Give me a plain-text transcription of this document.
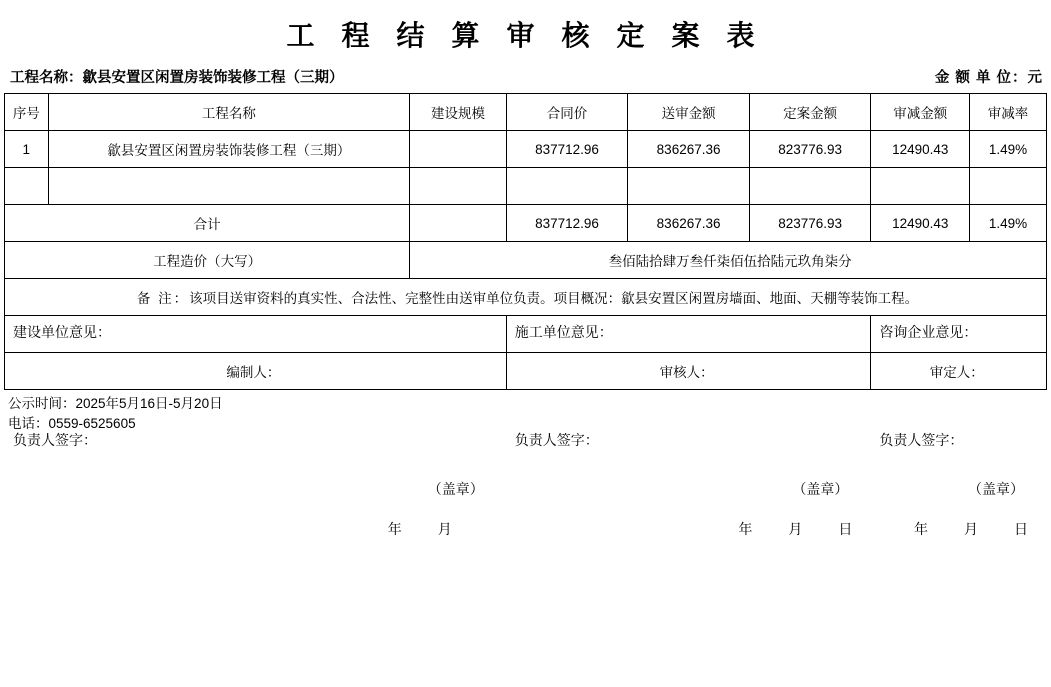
工 程 结 算 审 核 定 案 表
工程名称：歙县安置区闲置房装饰装修工程（三期）	金 额 单 位：元
序号	工程名称	建设规模	合同价	送审金额	定案金额	审减金额	审减率
1	歙县安置区闲置房装饰装修工程（三期）		837712.96	836267.36	823776.93	12490.43	1.49%

合计			837712.96	836267.36	823776.93	12490.43	1.49%
工程造价（大写）		叁佰陆拾肆万叁仟柒佰伍拾陆元玖角柒分					
备 注：该项目送审资料的真实性、合法性、完整性由送审单位负责。项目概况：歙县安置区闲置房墙面、地面、天棚等装饰工程。							

建设单位意见：
负责人签字：
（盖章）
年	月

施工单位意见：
负责人签字：
（盖章）
年	月	日

咨询企业意见：
负责人签字：
（盖章）
年	月	日

编制人：			审核人：			审定人：	
公示时间：2025年5月16日-5月20日
电话：0559-6525605
